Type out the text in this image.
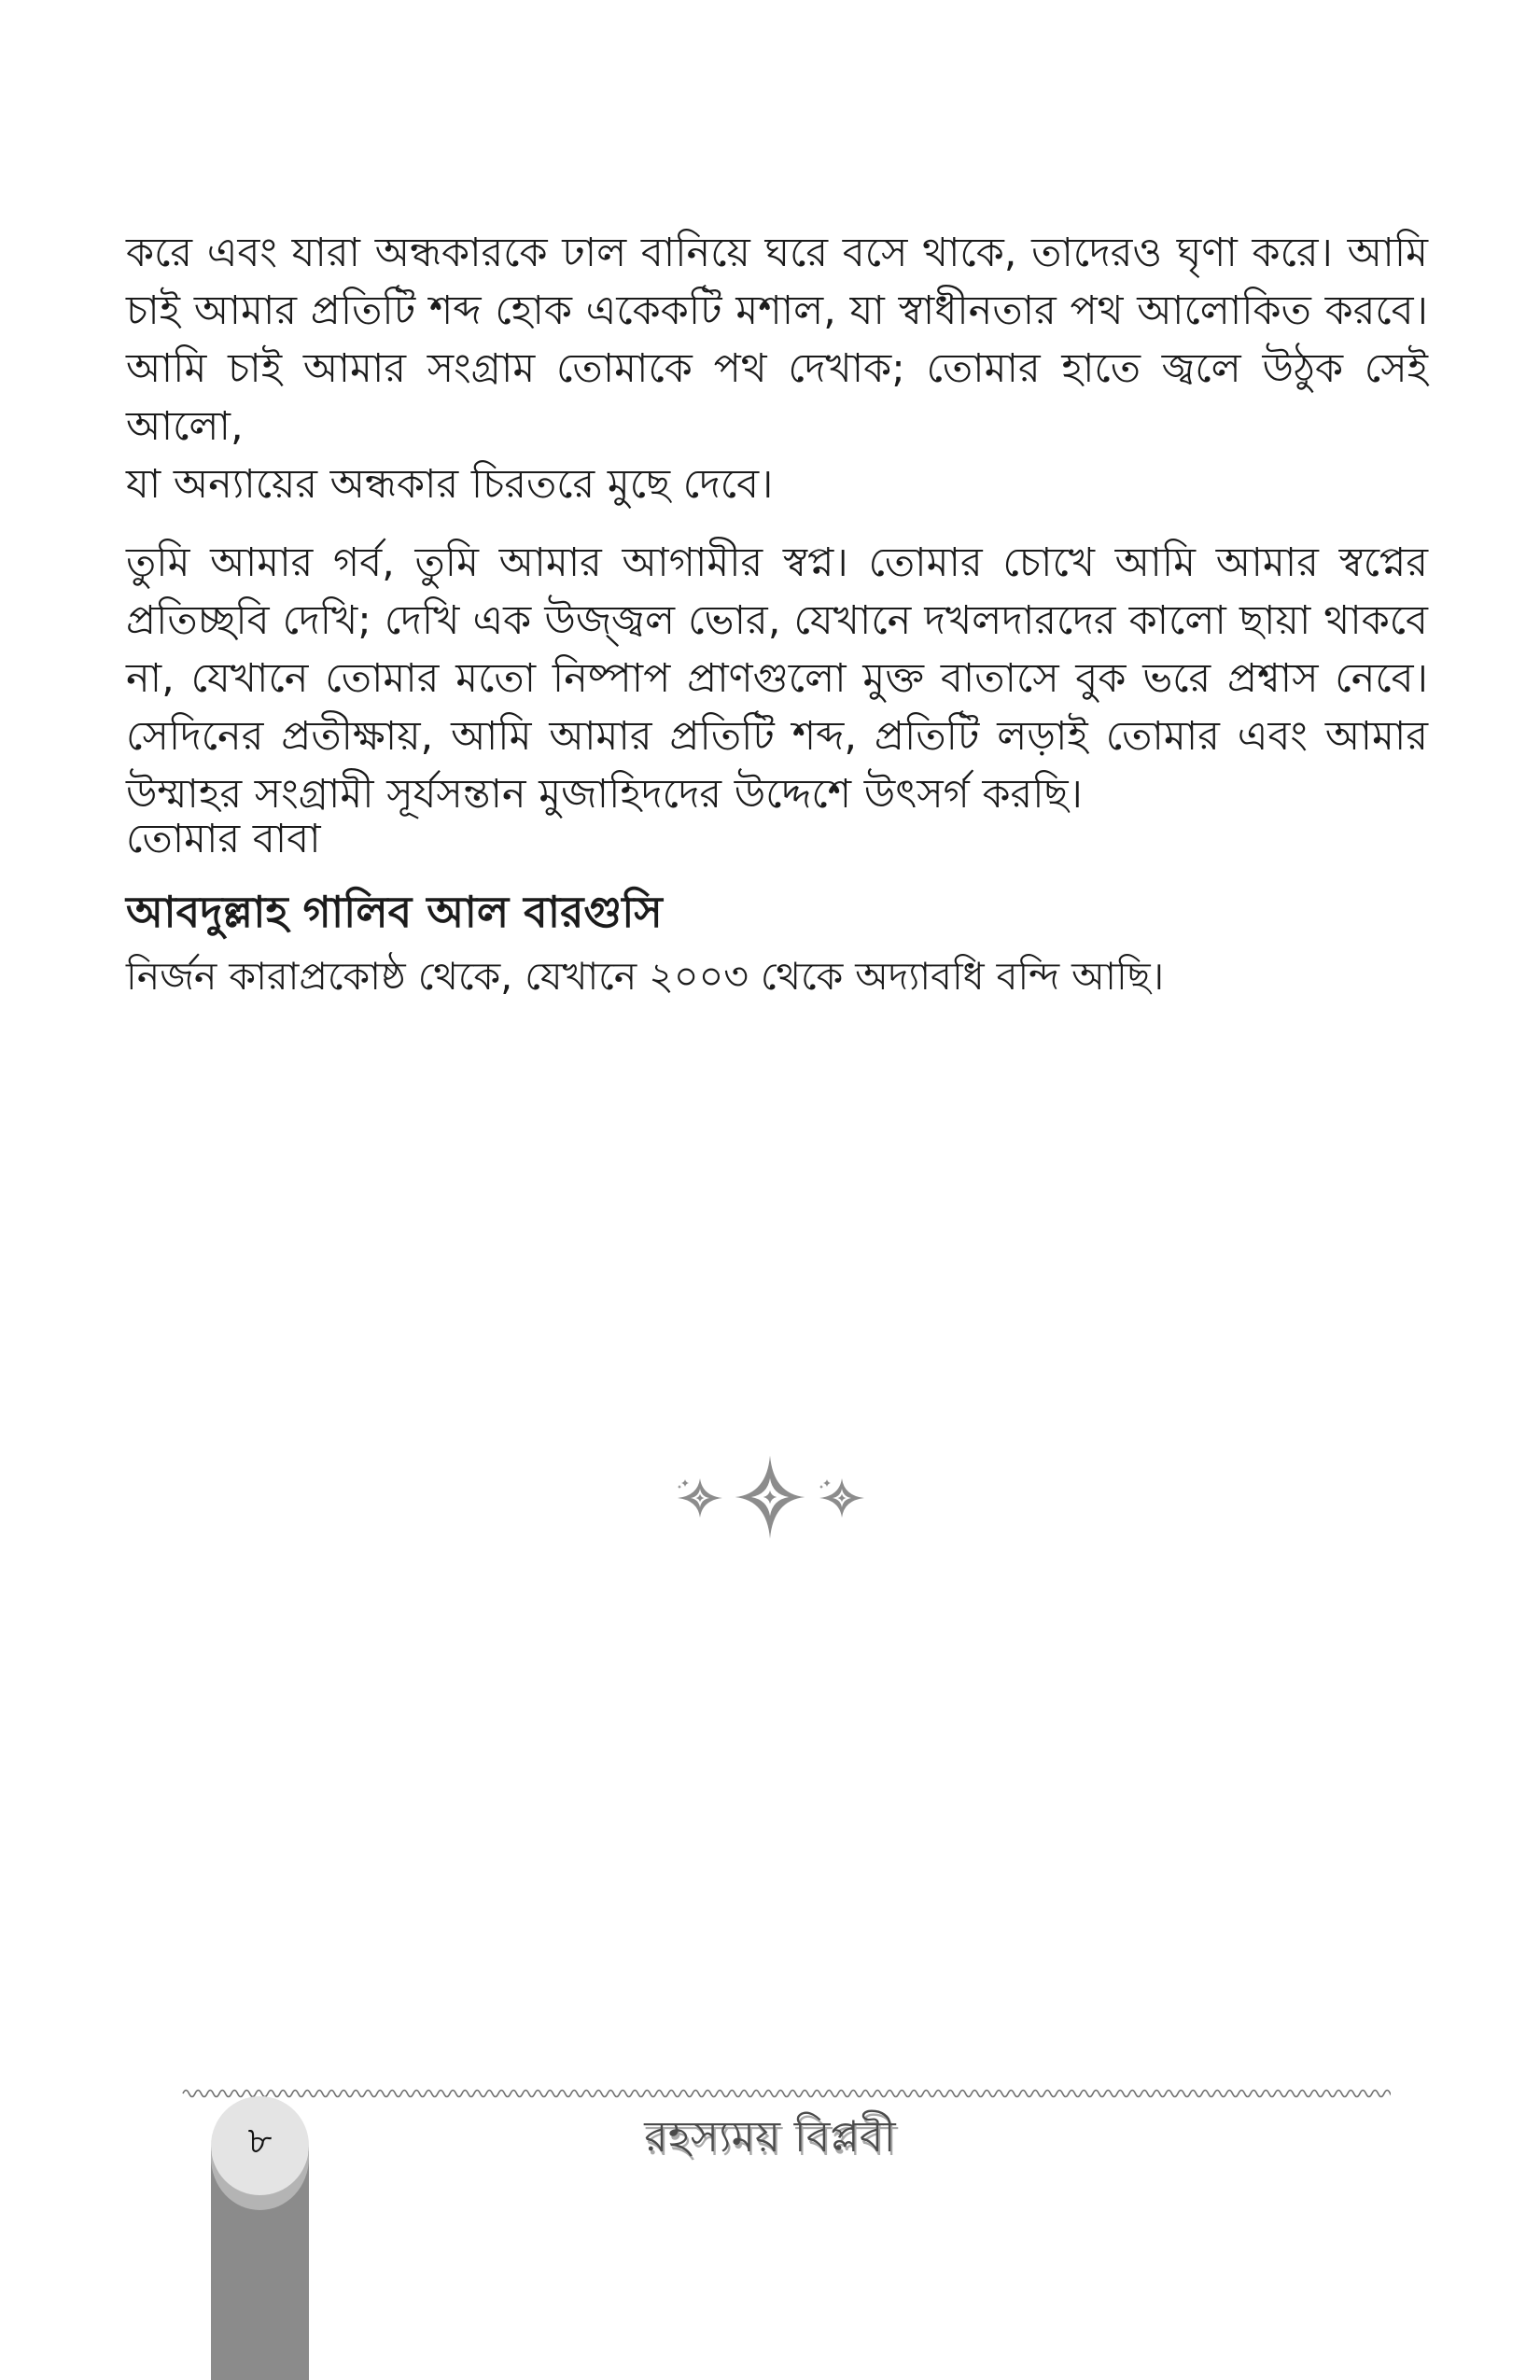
করে এবং যারা অন্ধকারকে ঢাল বানিয়ে ঘরে বসে থাকে, তাদেরও ঘৃণা করে। আমি
চাই আমার প্রতিটি শব্দ হোক একেকটি মশাল, যা স্বাধীনতার পথ আলোকিত করবে।
আমি চাই আমার সংগ্রাম তোমাকে পথ দেখাক; তোমার হাতে জ্বলে উঠুক সেই আলো,
যা অন্যায়ের অন্ধকার চিরতরে মুছে দেবে।
তুমি আমার গর্ব, তুমি আমার আগামীর স্বপ্ন। তোমার চোখে আমি আমার স্বপ্নের
প্রতিচ্ছবি দেখি; দেখি এক উজ্জ্বল ভোর, যেখানে দখলদারদের কালো ছায়া থাকবে
না, যেখানে তোমার মতো নিষ্পাপ প্রাণগুলো মুক্ত বাতাসে বুক ভরে প্রশ্বাস নেবে।
সেদিনের প্রতীক্ষায়, আমি আমার প্রতিটি শব্দ, প্রতিটি লড়াই তোমার এবং আমার
উম্মাহর সংগ্রামী সূর্যসন্তান মুজাহিদদের উদ্দেশে উৎসর্গ করছি।
তোমার বাবা
আবদুল্লাহ গালিব আল বারগুসি
নির্জন কারাপ্রকোষ্ঠ থেকে, যেখানে ২০০৩ থেকে অদ্যাবধি বন্দি আছি।
৮	রহস্যময় বিপ্লবী
